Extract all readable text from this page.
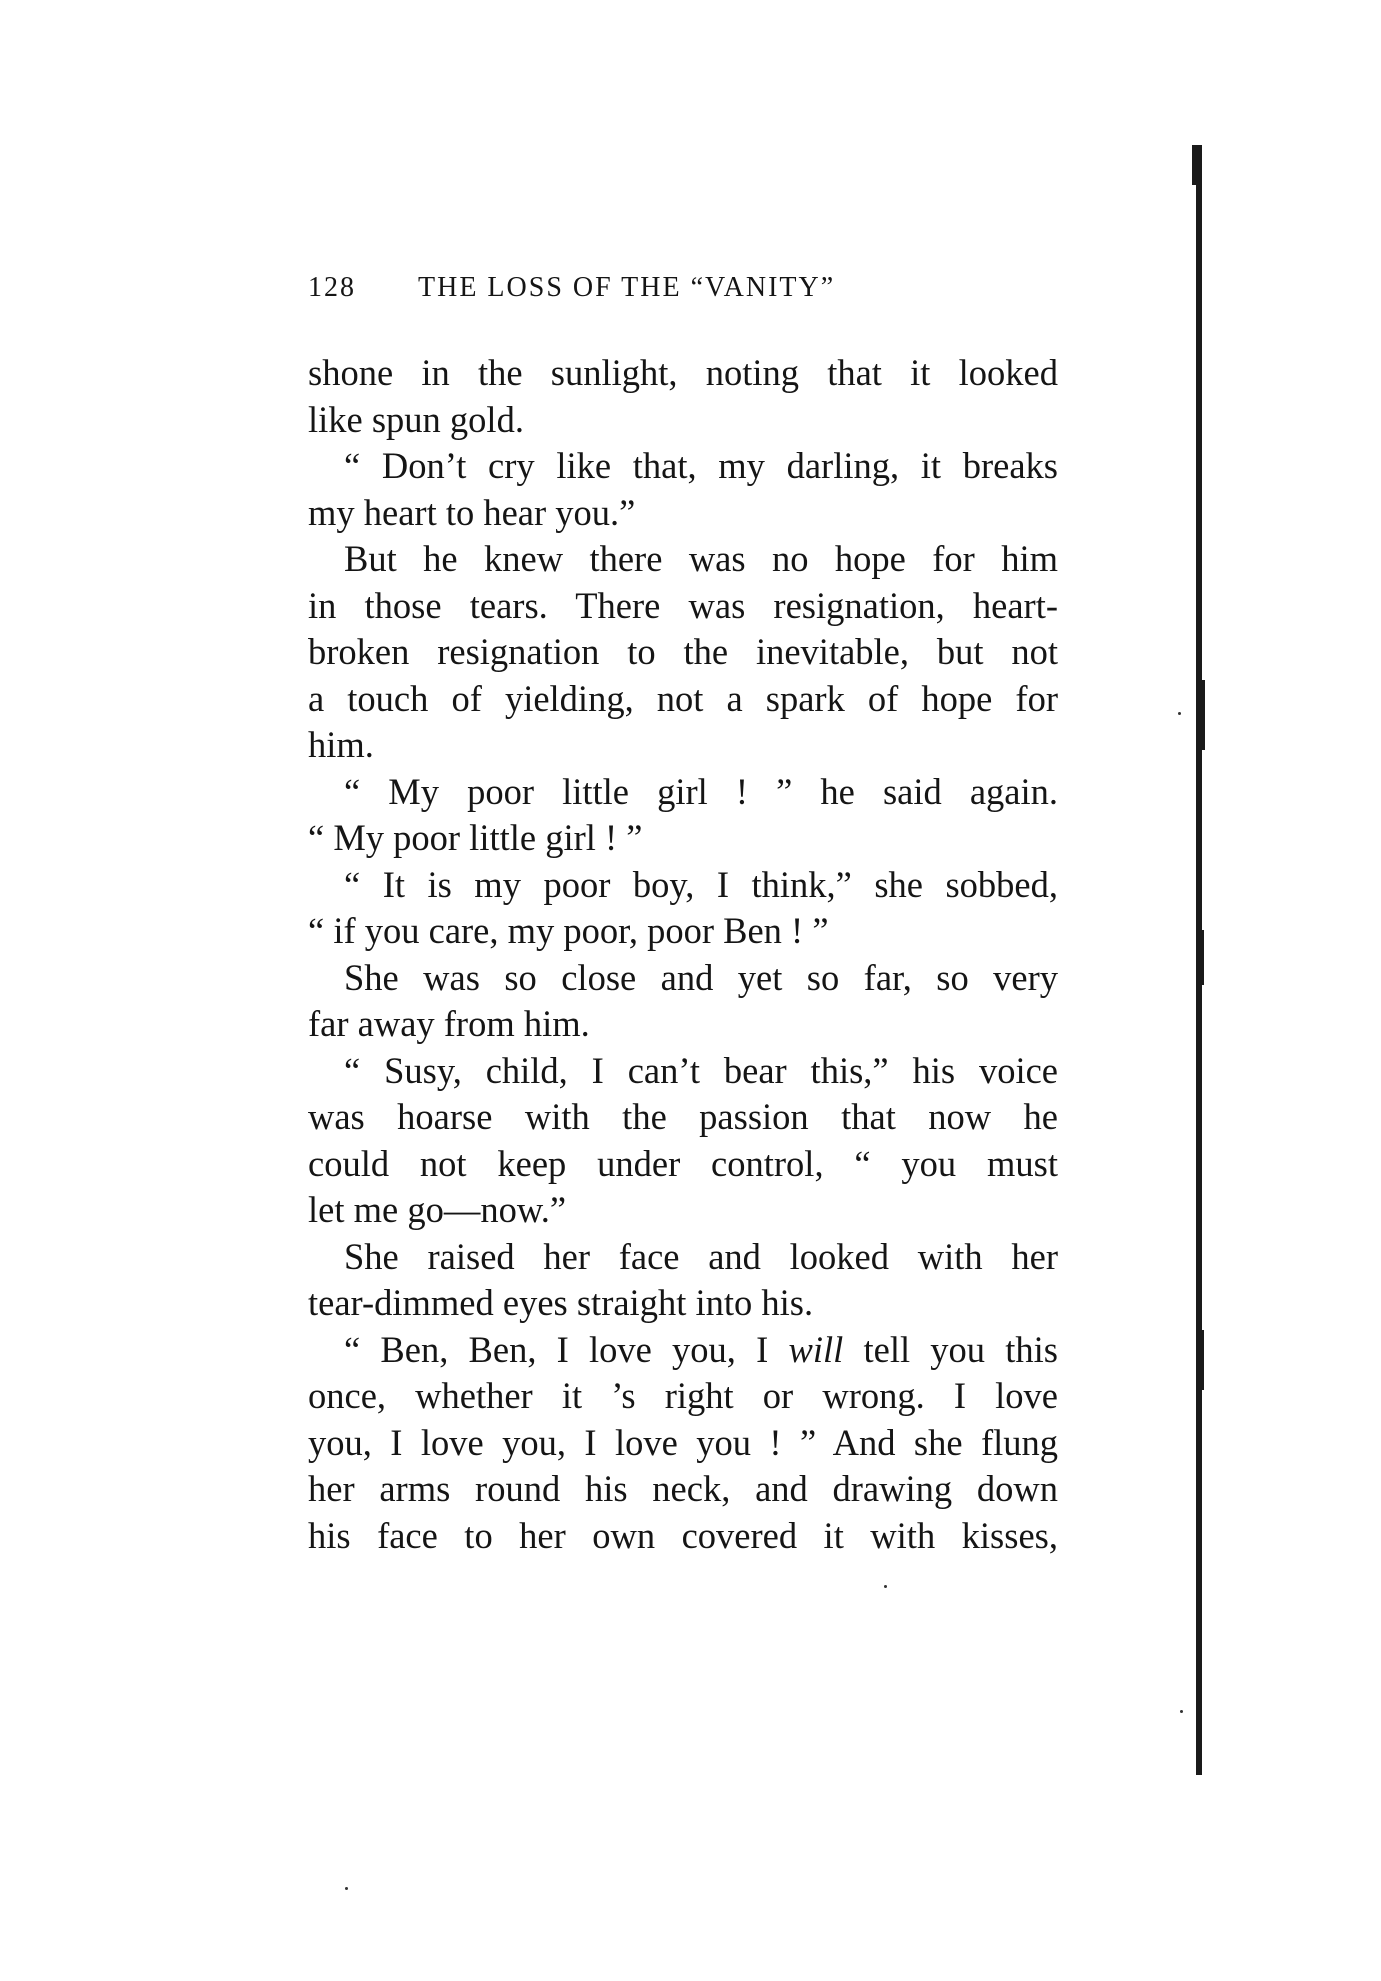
128 THE LOSS OF THE “VANITY”
shone in the sunlight, noting that it looked
like spun gold.
“ Don’t cry like that, my darling, it breaks
my heart to hear you.”
But he knew there was no hope for him
in those tears. There was resignation, heart-
broken resignation to the inevitable, but not
a touch of yielding, not a spark of hope for
him.
“ My poor little girl ! ” he said again.
“ My poor little girl ! ”
“ It is my poor boy, I think,” she sobbed,
“ if you care, my poor, poor Ben ! ”
She was so close and yet so far, so very
far away from him.
“ Susy, child, I can’t bear this,” his voice
was hoarse with the passion that now he
could not keep under control, “ you must
let me go—now.”
She raised her face and looked with her
tear-dimmed eyes straight into his.
“ Ben, Ben, I love you, I will tell you this
once, whether it ’s right or wrong. I love
you, I love you, I love you ! ” And she flung
her arms round his neck, and drawing down
his face to her own covered it with kisses,
